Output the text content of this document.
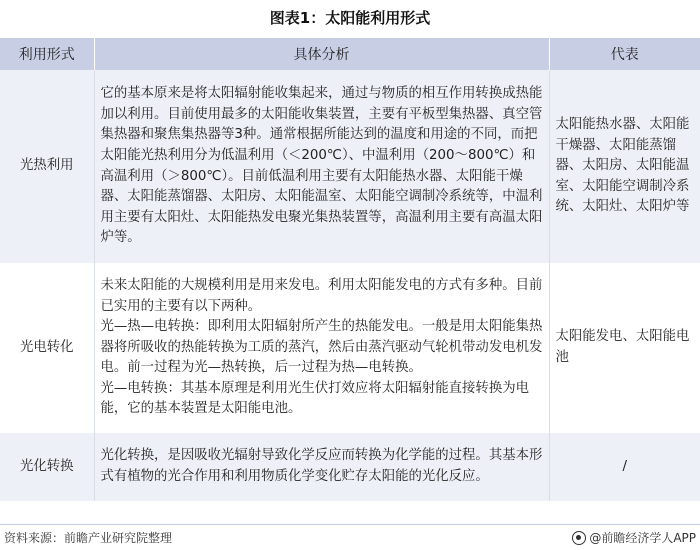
图表1：太阳能利用形式
利用形式	具体分析	代表
光热利用	它的基本原来是将太阳辐射能收集起来，通过与物质的相互作用转换成热能加以利用。目前使用最多的太阳能收集装置，主要有平板型集热器、真空管集热器和聚焦集热器等3种。通常根据所能达到的温度和用途的不同，而把太阳能光热利用分为低温利用（＜200℃）、中温利用（200～800℃）和高温利用（＞800℃）。目前低温利用主要有太阳能热水器、太阳能干燥器、太阳能蒸馏器、太阳房、太阳能温室、太阳能空调制冷系统等，中温利用主要有太阳灶、太阳能热发电聚光集热装置等，高温利用主要有高温太阳炉等。	太阳能热水器、太阳能干燥器、太阳能蒸馏器、太阳房、太阳能温室、太阳能空调制冷系统、太阳灶、太阳炉等
光电转化	未来太阳能的大规模利用是用来发电。利用太阳能发电的方式有多种。目前已实用的主要有以下两种。

光—热—电转换：即利用太阳辐射所产生的热能发电。一般是用太阳能集热器将所吸收的热能转换为工质的蒸汽，然后由蒸汽驱动气轮机带动发电机发电。前一过程为光—热转换，后一过程为热—电转换。

光—电转换：其基本原理是利用光生伏打效应将太阳辐射能直接转换为电能，它的基本装置是太阳能电池。	太阳能发电、太阳能电池
光化转换	光化转换，是因吸收光辐射导致化学反应而转换为化学能的过程。其基本形式有植物的光合作用和利用物质化学变化贮存太阳能的光化反应。	/
资料来源：前瞻产业研究院整理	@前瞻经济学人APP
